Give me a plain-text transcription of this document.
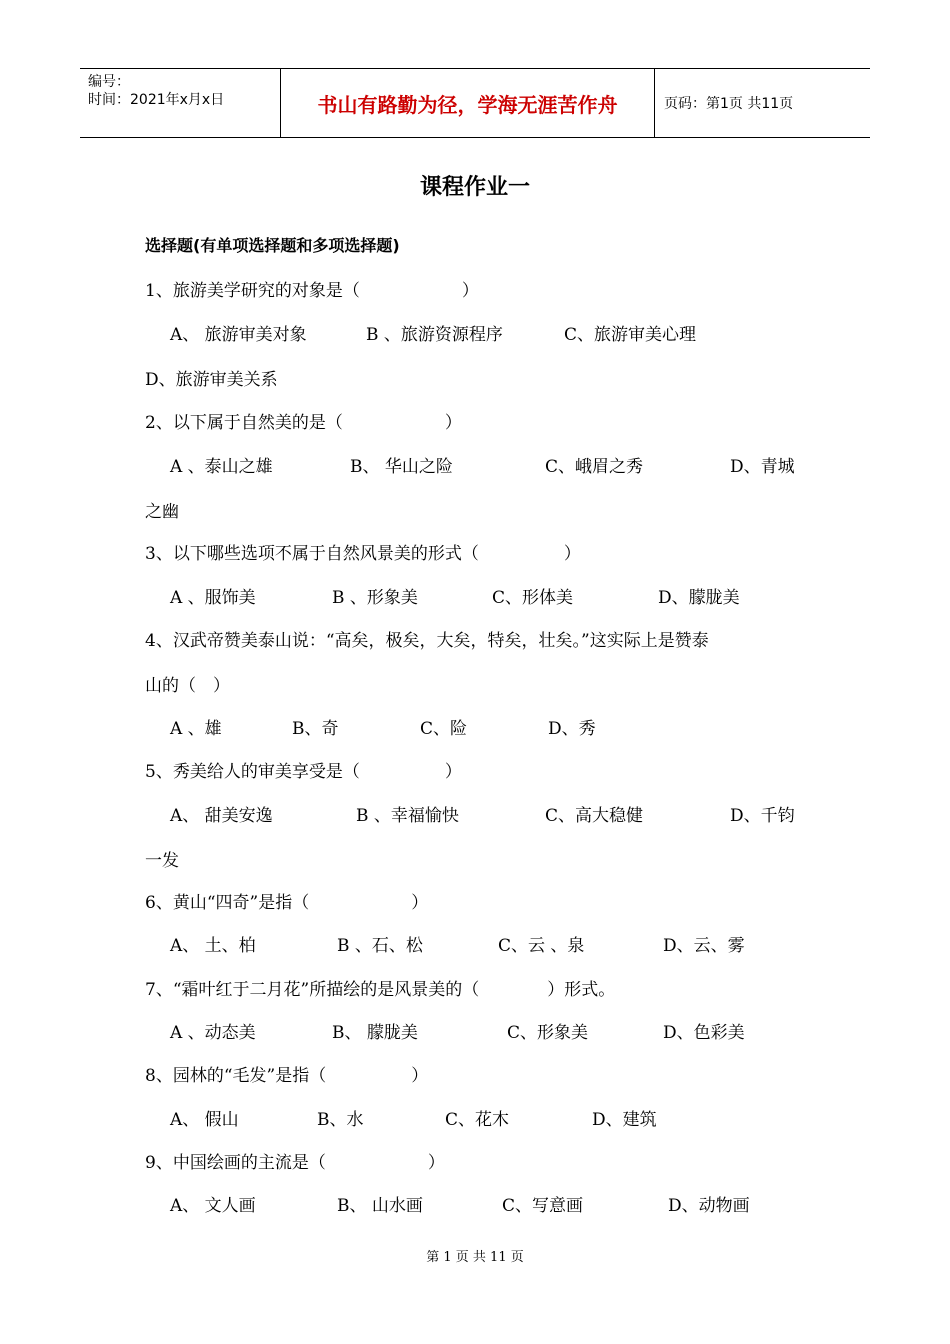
编号：
时间：2021年x月x日	书山有路勤为径，学海无涯苦作舟	页码：第1页 共11页
课程作业一
选择题(有单项选择题和多项选择题)
1、旅游美学研究的对象是（　　　　　　）
A、 旅游审美对象	B 、旅游资源程序	C、旅游审美心理
D、旅游审美关系
2、以下属于自然美的是（　　　　　　）
A 、泰山之雄	B、 华山之险	C、峨眉之秀	D、青城
之幽
3、以下哪些选项不属于自然风景美的形式（　　　　　）
A 、服饰美	B 、形象美	C、形体美	D、朦胧美
4、汉武帝赞美泰山说：“高矣，极矣，大矣，特矣，壮矣。”这实际上是赞泰
山的（　）
A 、雄	B、奇	C、险	D、秀
5、秀美给人的审美享受是（　　　　　）
A、 甜美安逸	B 、幸福愉快	C、高大稳健	D、千钧
一发
6、黄山“四奇”是指（　　　　　　）
A、 土、柏	B 、石、松	C、云 、泉	D、云、雾
7、“霜叶红于二月花”所描绘的是风景美的（　　　　）形式。
A 、动态美	B、 朦胧美	C、形象美	D、色彩美
8、园林的“毛发”是指（　　　　　）
A、 假山	B、水	C、花木	D、建筑
9、中国绘画的主流是（　　　　　　）
A、 文人画	B、 山水画	C、写意画	D、动物画
第 1 页 共 11 页
